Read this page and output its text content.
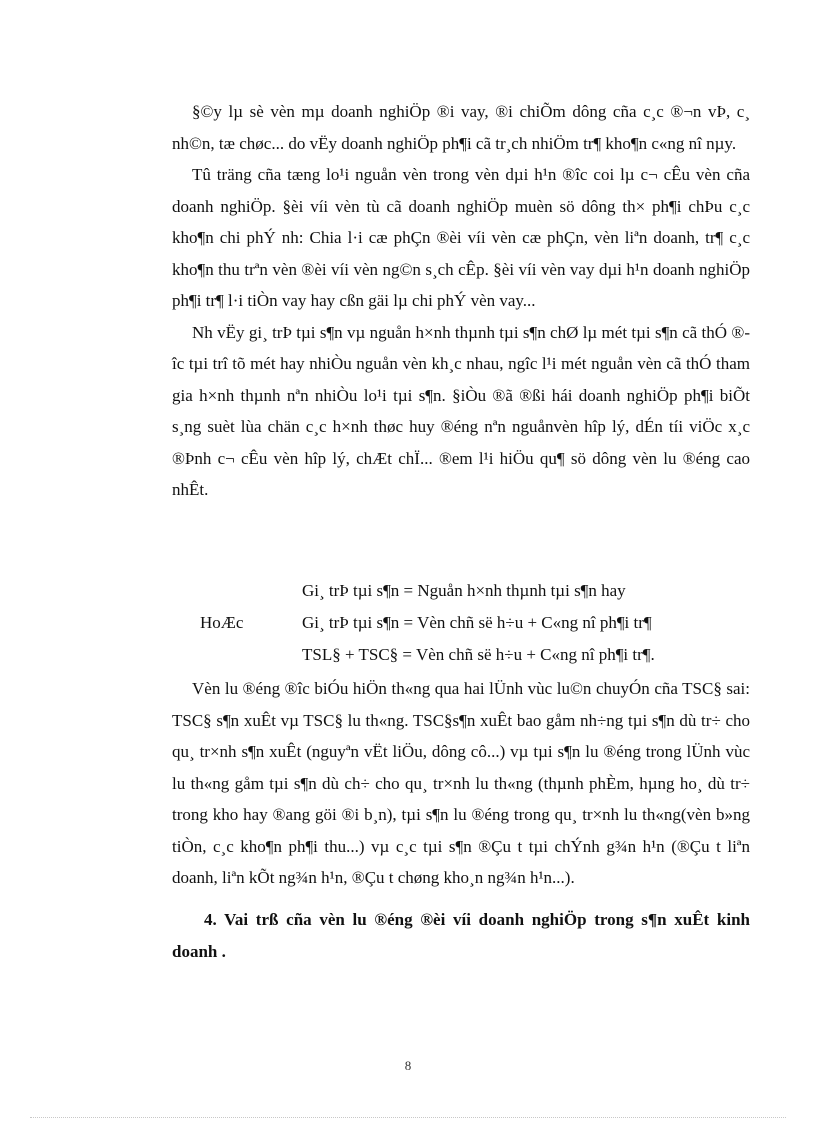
§©y lµ sè vèn mµ doanh nghiÖp ®i vay, ®i chiÕm dông cña c¸c ®¬n vÞ, c¸ nh©n, tæ chøc... do vËy doanh nghiÖp ph¶i cã tr¸ch nhiÖm tr¶ kho¶n c«ng nî nµy.

Tû träng cña tæng lo¹i nguån vèn trong vèn dµi h¹n ®îc coi lµ c¬ cÊu vèn cña doanh nghiÖp. §èi víi vèn tù cã doanh nghiÖp muèn sö dông th× ph¶i chÞu c¸c kho¶n chi phÝ nh: Chia l·i cæ phÇn ®èi víi vèn cæ phÇn, vèn liªn doanh, tr¶ c¸c kho¶n thu trªn vèn ®èi víi vèn ng©n s¸ch cÊp. §èi víi vèn vay dµi h¹n doanh nghiÖp ph¶i tr¶ l·i tiÒn vay hay cßn gäi lµ chi phÝ vèn vay...

Nh vËy gi¸ trÞ tµi s¶n vµ nguån h×nh thµnh tµi s¶n chØ lµ mét tµi s¶n cã thÓ ®îc tµi trî tõ mét hay nhiÒu nguån vèn kh¸c nhau, ngîc l¹i mét nguån vèn cã thÓ tham gia h×nh thµnh nªn nhiÒu lo¹i tµi s¶n. §iÒu ®ã ®ßi hái doanh nghiÖp ph¶i biÕt s¸ng suèt lùa chän c¸c h×nh thøc huy ®éng nªn nguånvèn hîp lý, dÉn tíi viÖc x¸c ®Þnh c¬ cÊu vèn hîp lý, chÆt chÏ... ®em l¹i hiÖu qu¶ sö dông vèn lu ®éng cao nhÊt.

Gi¸ trÞ tµi s¶n = Nguån h×nh thµnh tµi s¶n hay
HoÆc	Gi¸ trÞ tµi s¶n = Vèn chñ së h÷u + C«ng nî ph¶i tr¶
TSL§ + TSC§ = Vèn chñ së h÷u + C«ng nî ph¶i tr¶.

Vèn lu ®éng ®îc biÓu hiÖn th«ng qua hai lÜnh vùc lu©n chuyÓn cña TSC§ sai: TSC§ s¶n xuÊt vµ TSC§ lu th«ng. TSC§s¶n xuÊt bao gåm nh÷ng tµi s¶n dù tr÷ cho qu¸ tr×nh s¶n xuÊt (nguyªn vËt liÖu, dông cô...) vµ tµi s¶n lu ®éng trong lÜnh vùc lu th«ng gåm tµi s¶n dù ch÷ cho qu¸ tr×nh lu th«ng (thµnh phÈm, hµng ho¸ dù tr÷ trong kho hay ®ang göi ®i b¸n), tµi s¶n lu ®éng trong qu¸ tr×nh lu th«ng(vèn b»ng tiÒn, c¸c kho¶n ph¶i thu...) vµ c¸c tµi s¶n ®Çu t tµi chÝnh g¾n h¹n (®Çu t liªn doanh, liªn kÕt ng¾n h¹n, ®Çu t chøng kho¸n ng¾n h¹n...).

4. Vai trß cña vèn lu ®éng ®èi víi doanh nghiÖp trong s¶n xuÊt kinh doanh .
8
